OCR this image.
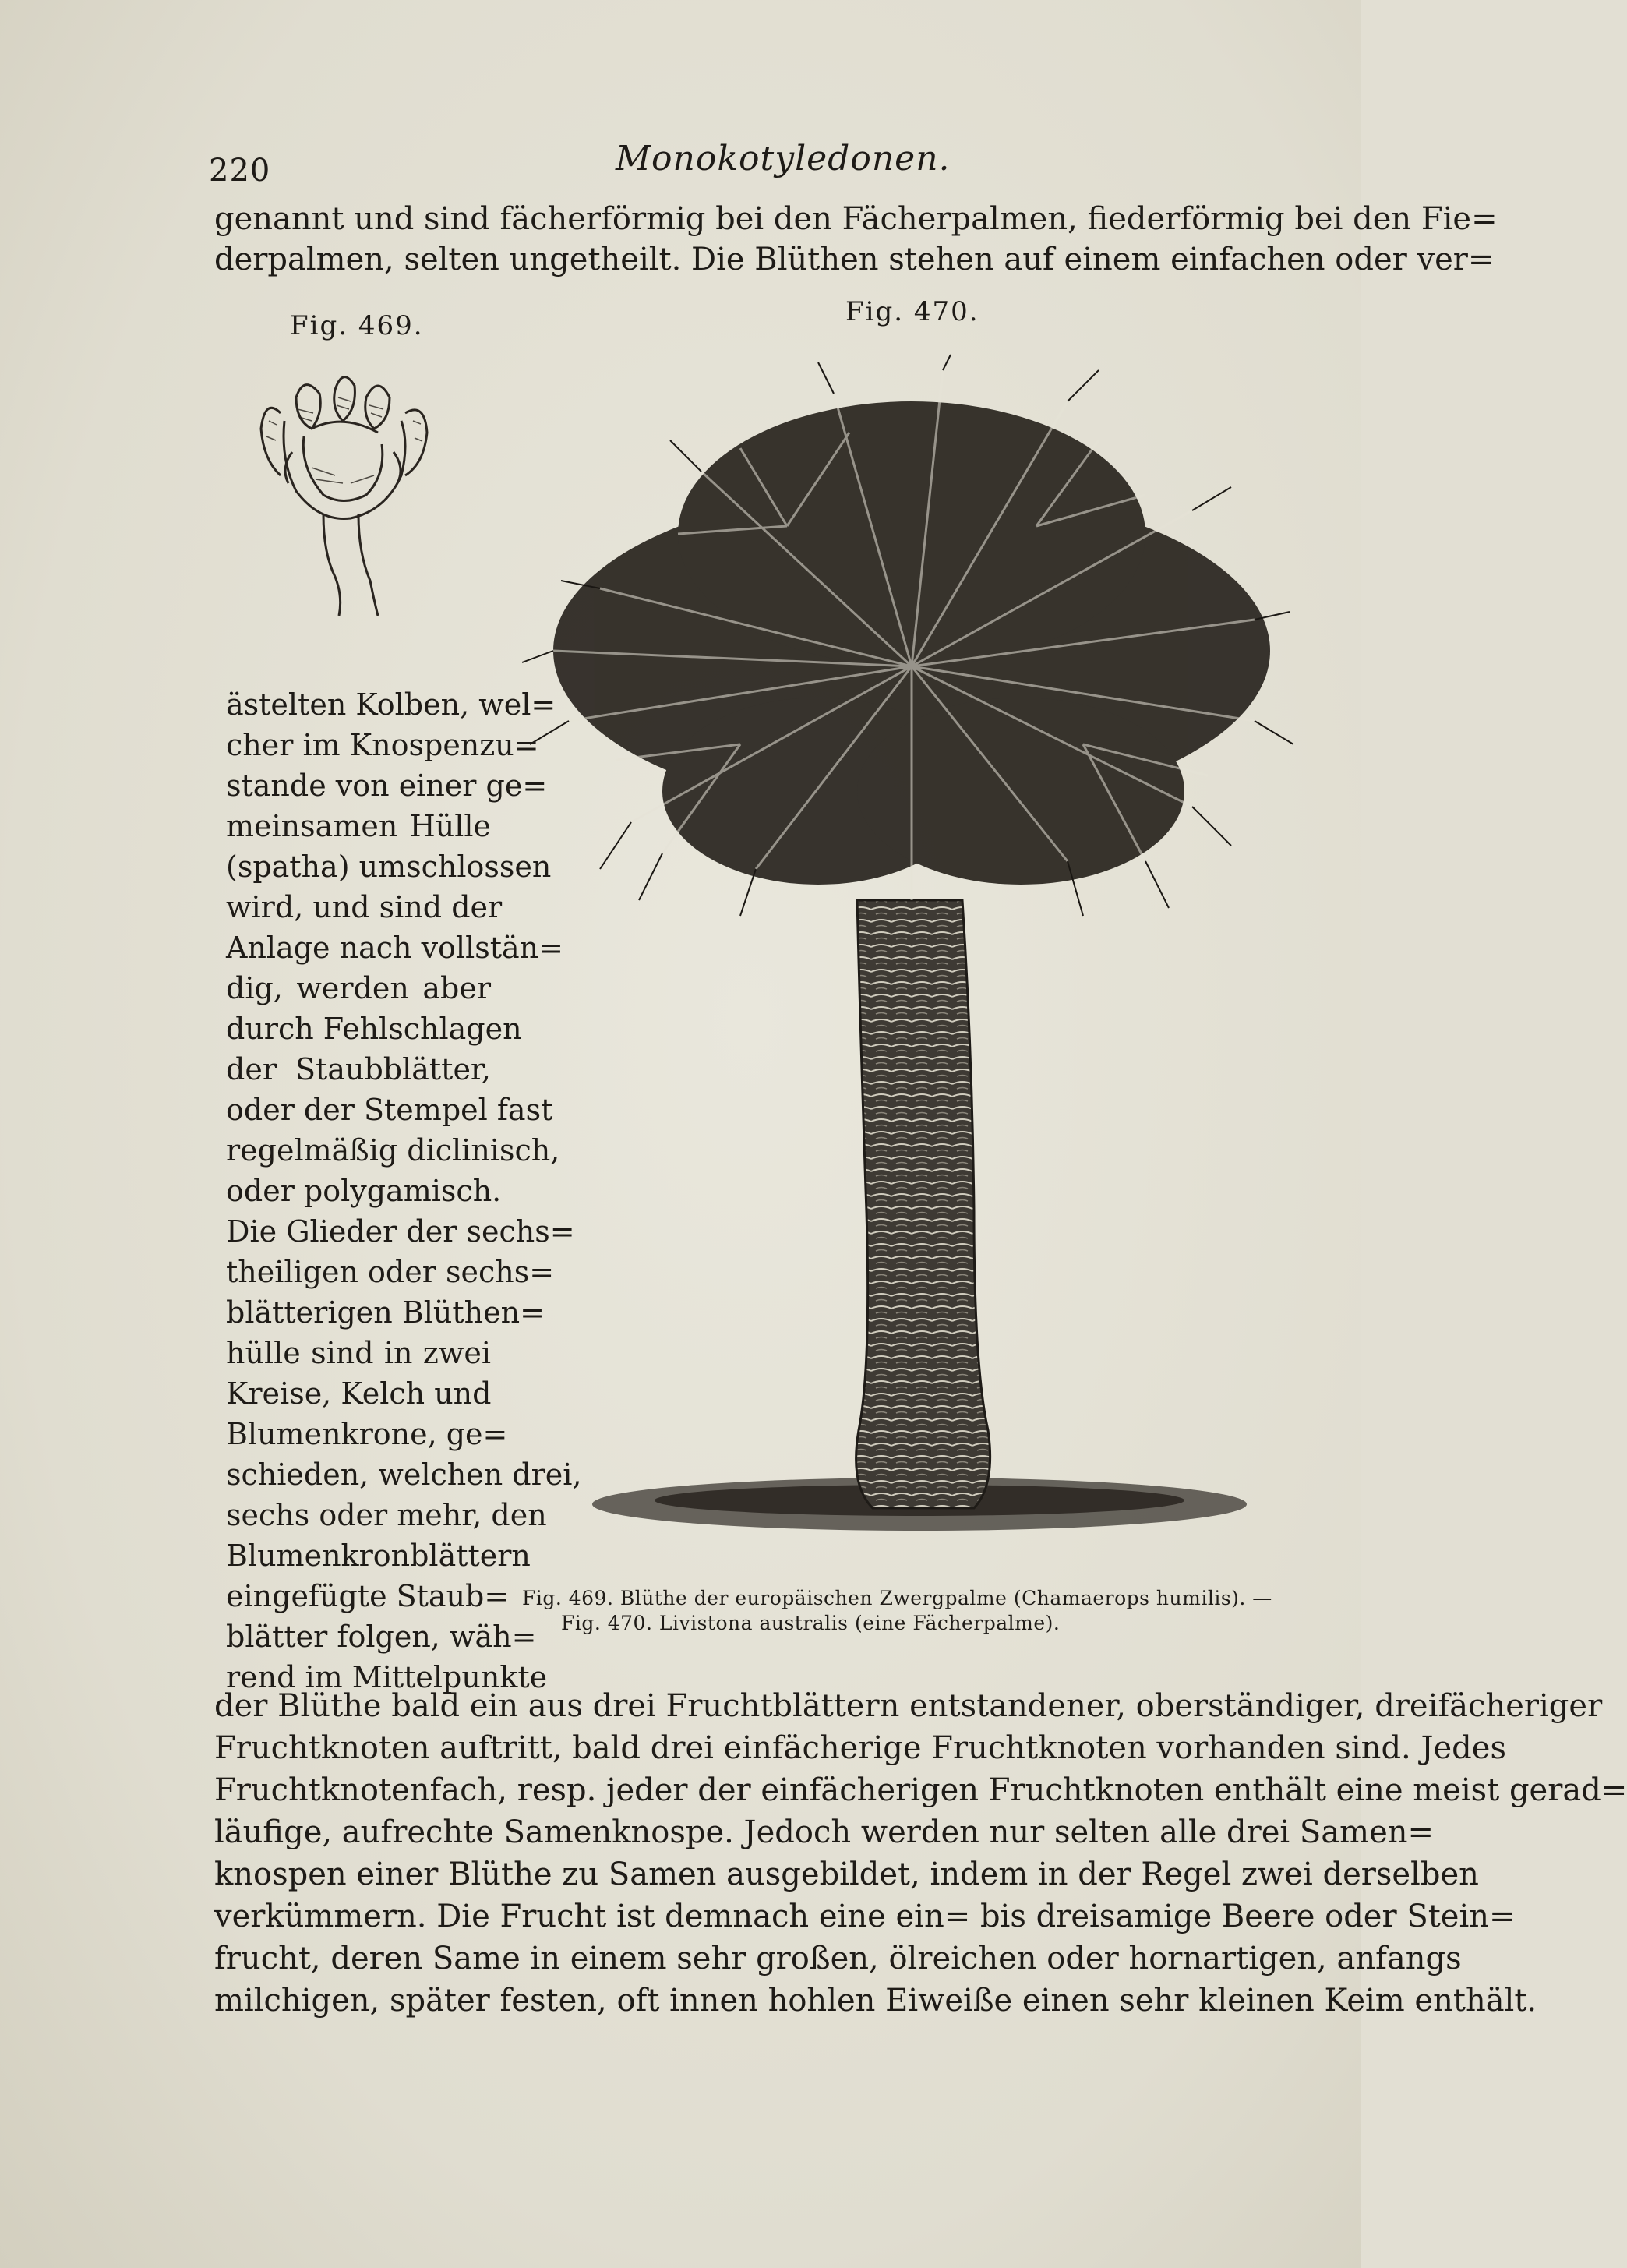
220	Monokotyledonen.
genannt und sind fächerförmig bei den Fächerpalmen, fiederförmig bei den Fie=
derpalmen, selten ungetheilt. Die Blüthen stehen auf einem einfachen oder ver=
Fig. 469.	Fig. 470.
ästelten Kolben, wel=
cher im Knospenzu=
stande von einer ge=
meinsamen Hülle
(spatha) umschlossen
wird, und sind der
Anlage nach vollstän=
dig, werden aber
durch Fehlschlagen
der Staubblätter,
oder der Stempel fast
regelmäßig diclinisch,
oder polygamisch.
Die Glieder der sechs=
theiligen oder sechs=
blätterigen Blüthen=
hülle sind in zwei
Kreise, Kelch und
Blumenkrone, ge=
schieden, welchen drei,
sechs oder mehr, den
Blumenkronblättern
eingefügte Staub=
blätter folgen, wäh=
rend im Mittelpunkte
Fig. 469. Blüthe der europäischen Zwergpalme (Chamaerops humilis). —
Fig. 470. Livistona australis (eine Fächerpalme).
der Blüthe bald ein aus drei Fruchtblättern entstandener, oberständiger, dreifächeriger
Fruchtknoten auftritt, bald drei einfächerige Fruchtknoten vorhanden sind. Jedes
Fruchtknotenfach, resp. jeder der einfächerigen Fruchtknoten enthält eine meist gerad=
läufige, aufrechte Samenknospe. Jedoch werden nur selten alle drei Samen=
knospen einer Blüthe zu Samen ausgebildet, indem in der Regel zwei derselben
verkümmern. Die Frucht ist demnach eine ein= bis dreisamige Beere oder Stein=
frucht, deren Same in einem sehr großen, ölreichen oder hornartigen, anfangs
milchigen, später festen, oft innen hohlen Eiweiße einen sehr kleinen Keim enthält.
